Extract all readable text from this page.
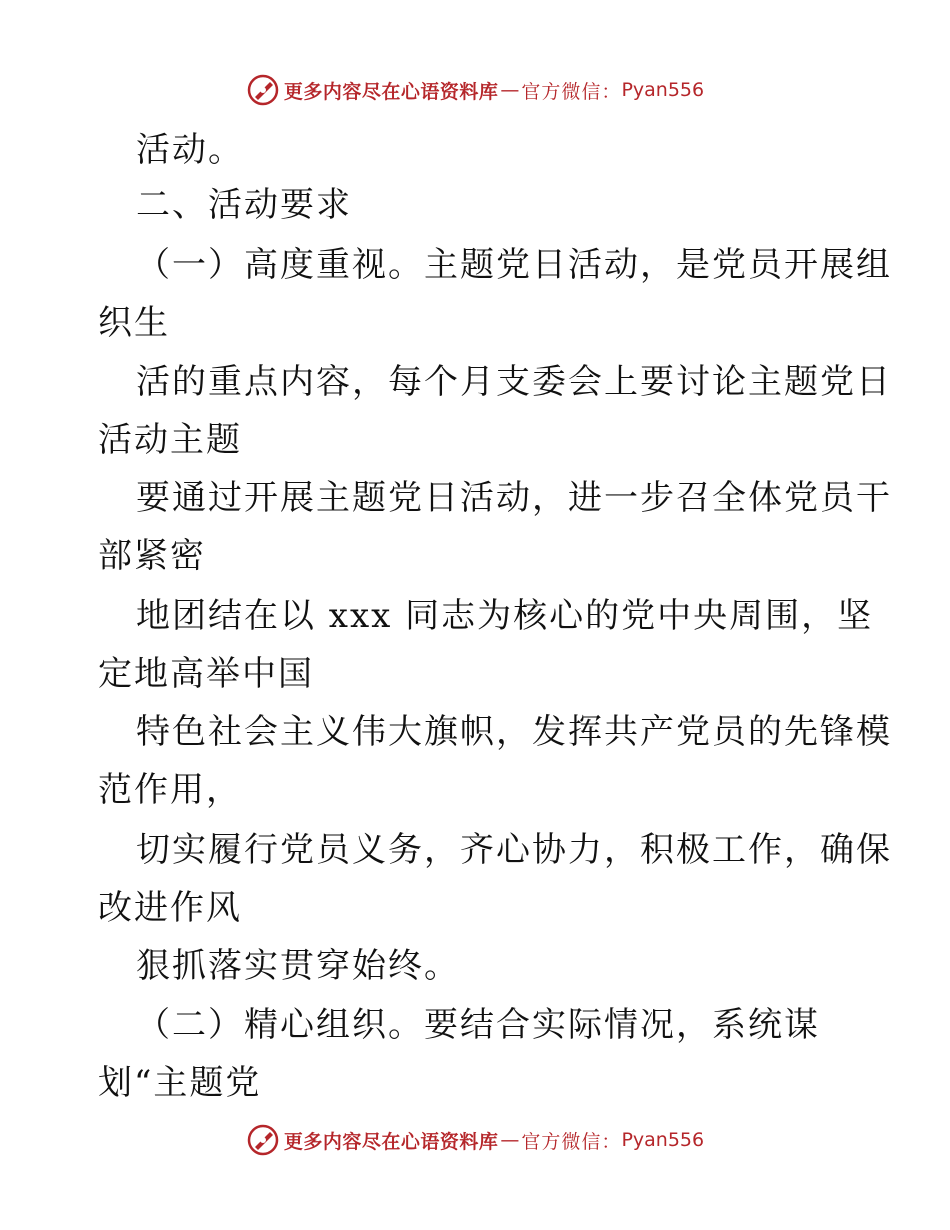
更多内容尽在心语资料库 — 官方微信： Pyan556
活动。
二、活动要求
（一）高度重视。主题党日活动，是党员开展组
织生
活的重点内容，每个月支委会上要讨论主题党日
活动主题
要通过开展主题党日活动，进一步召全体党员干
部紧密
地团结在以 xxx 同志为核心的党中央周围，坚
定地高举中国
特色社会主义伟大旗帜，发挥共产党员的先锋模
范作用，
切实履行党员义务，齐心协力，积极工作，确保
改进作风
狠抓落实贯穿始终。
（二）精心组织。要结合实际情况，系统谋
划“主题党
更多内容尽在心语资料库 — 官方微信： Pyan556
